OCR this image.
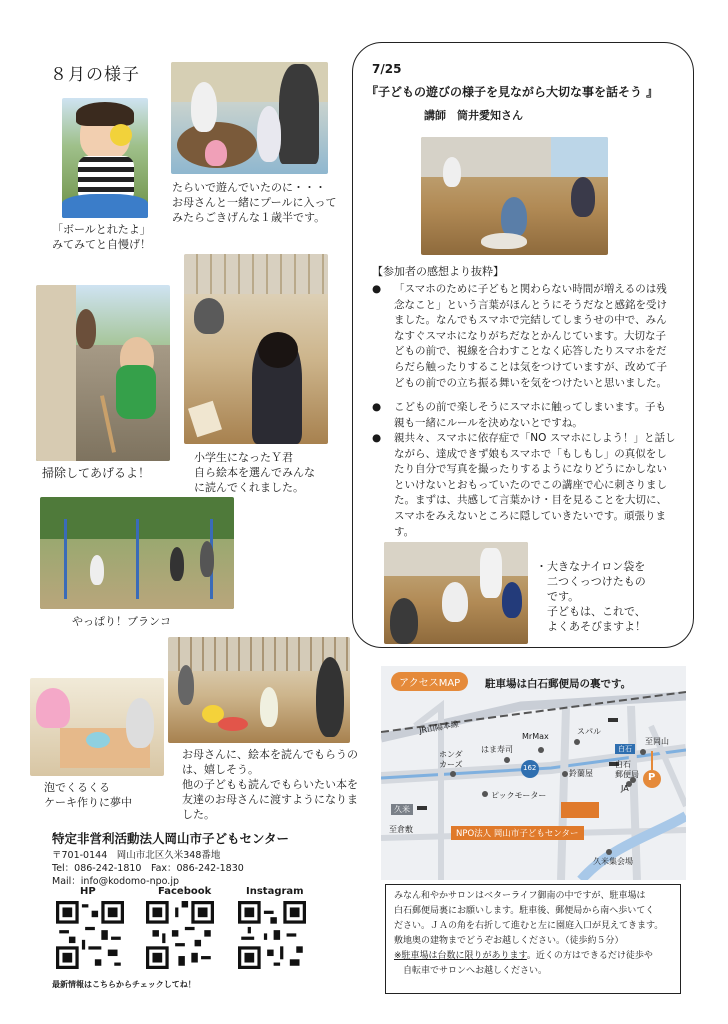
８月の様子
「ボールとれたよ」
みてみてと自慢げ！
たらいで遊んでいたのに・・・
お母さんと一緒にプールに入って
みたらごきげんな１歳半です。
掃除してあげるよ！
小学生になったＹ君
自ら絵本を選んでみんな
に読んでくれました。
やっぱり！ブランコ
泡でくるくる
ケーキ作りに夢中
お母さんに、絵本を読んでもらうの
は、嬉しそう。
他の子どもも読んでもらいたい本を
友達のお母さんに渡すようになりま
した。
特定非営利活動法人岡山市子どもセンター
〒701-0144　岡山市北区久米348番地
Tel：086-242-1810　Fax：086-242-1830
Mail：info@kodomo-npo.jp
HP	Facebook	Instagram
最新情報はこちらからチェックしてね！
7/25
『子どもの遊びの様子を見ながら大切な事を話そう 』
講師　筒井愛知さん
【参加者の感想より抜粋】
● 「スマホのために子どもと関わらない時間が増えるのは残念なこと」という言葉がほんとうにそうだなと感銘を受けました。なんでもスマホで完結してしまうせの中で、みんなすぐスマホになりがちだなとかんじています。大切な子どもの前で、視線を合わすことなく応答したりスマホをだらだら触ったりすることは気をつけていますが、改めて子どもの前での立ち振る舞いを気をつけたいと思いました。
● こどもの前で楽しそうにスマホに触ってしまいます。子も親も一緒にルールを決めないとですね。
● 親共々、スマホに依存症で「NO スマホにしよう！」と話しながら、達成できず娘もスマホで「もしもし」の真似をしたり自分で写真を撮ったりするようになりどうにかしないといけないとおもっていたのでこの講座で心に刺さりました。まずは、共感して言葉かけ・目を見ることを大切に、スマホをみえないところに隠していきたいです。頑張ります。
・大きなナイロン袋を
　二つくっつけたもの
　です。
　子どもは、これで、
　よくあそびますよ！
アクセスMAP	駐車場は白石郵便局の裏です。
JR山陽本線
ホンダ
カーズ
はま寿司
MrMax
スパル
白石
白石
郵便局
至岡山
162
鈴蘭屋
JA
久米
ピックモーター
至倉敷	NPO法人 岡山市子どもセンター
久米集会場
P
みなん和やかサロンはベターライフ御南の中ですが、駐車場は
白石郵便局裏にお願いします。駐車後、郵便局から南へ歩いてく
ださい。ＪＡの角を右折して進むと左に園庭入口が見えてきます。
敷地奥の建物までどうぞお越しください。（徒歩約５分）
※駐車場は台数に限りがあります。近くの方はできるだけ徒歩や
　自転車でサロンへお越しください。
